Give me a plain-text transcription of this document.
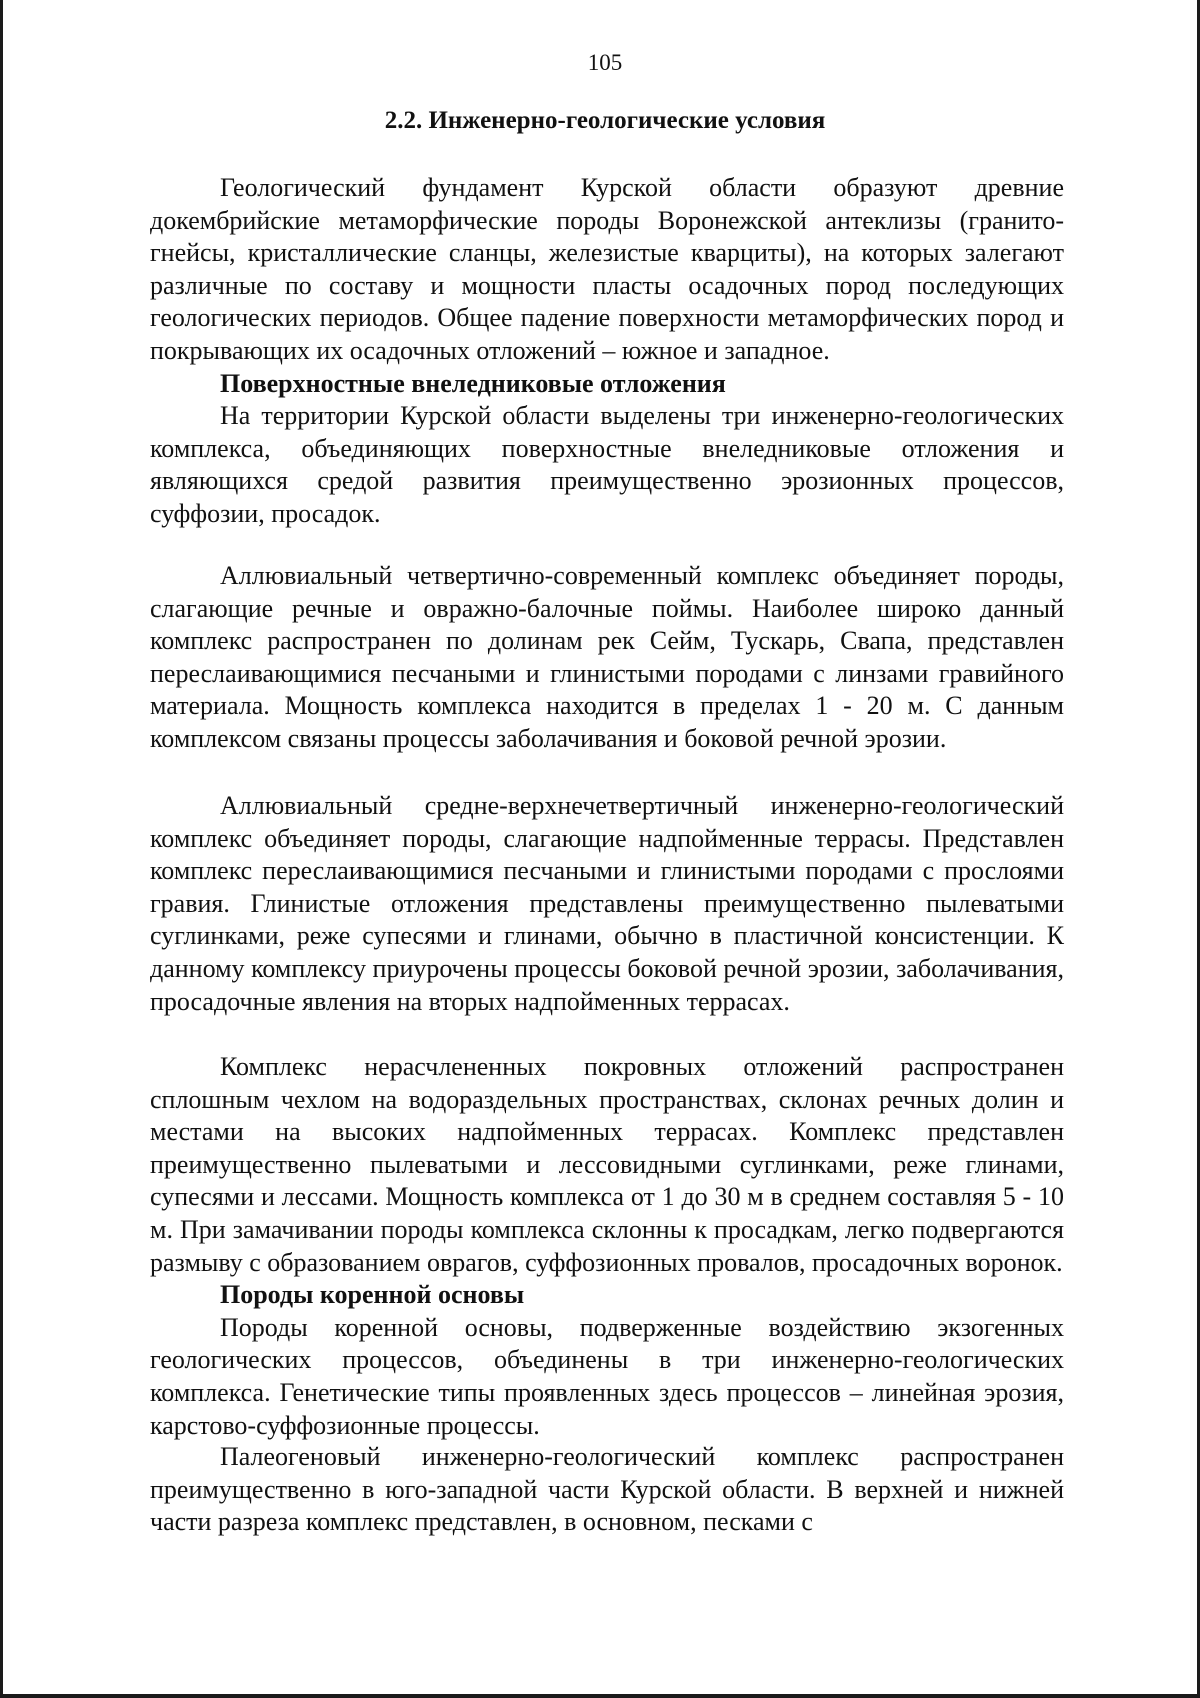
105
2.2. Инженерно-геологические условия

Геологический фундамент Курской области образуют древние докембрийские метаморфические породы Воронежской антеклизы (гранито-гнейсы, кристаллические сланцы, железистые кварциты), на которых залегают различные по составу и мощности пласты осадочных пород последующих геологических периодов. Общее падение поверхности метаморфических пород и покрывающих их осадочных отложений – южное и западное.

Поверхностные внеледниковые отложения

На территории Курской области выделены три инженерно-геологических комплекса, объединяющих поверхностные внеледниковые отложения и являющихся средой развития преимущественно эрозионных процессов, суффозии, просадок.

Аллювиальный четвертично-современный комплекс объединяет породы, слагающие речные и овражно-балочные поймы. Наиболее широко данный комплекс распространен по долинам рек Сейм, Тускарь, Свапа, представлен переслаивающимися песчаными и глинистыми породами с линзами гравийного материала. Мощность комплекса находится в пределах 1 - 20 м. С данным комплексом связаны процессы заболачивания и боковой речной эрозии.

Аллювиальный средне-верхнечетвертичный инженерно-геологический комплекс объединяет породы, слагающие надпойменные террасы. Представлен комплекс переслаивающимися песчаными и глинистыми породами с прослоями гравия. Глинистые отложения представлены преимущественно пылеватыми суглинками, реже супесями и глинами, обычно в пластичной консистенции. К данному комплексу приурочены процессы боковой речной эрозии, заболачивания, просадочные явления на вторых надпойменных террасах.

Комплекс нерасчлененных покровных отложений распространен сплошным чехлом на водораздельных пространствах, склонах речных долин и местами на высоких надпойменных террасах. Комплекс представлен преимущественно пылеватыми и лессовидными суглинками, реже глинами, супесями и лессами. Мощность комплекса от 1 до 30 м в среднем составляя 5 - 10 м. При замачивании породы комплекса склонны к просадкам, легко подвергаются размыву с образованием оврагов, суффозионных провалов, просадочных воронок.

Породы коренной основы

Породы коренной основы, подверженные воздействию экзогенных геологических процессов, объединены в три инженерно-геологических комплекса. Генетические типы проявленных здесь процессов – линейная эрозия, карстово-суффозионные процессы.

Палеогеновый инженерно-геологический комплекс распространен преимущественно в юго-западной части Курской области. В верхней и нижней части разреза комплекс представлен, в основном, песками с
